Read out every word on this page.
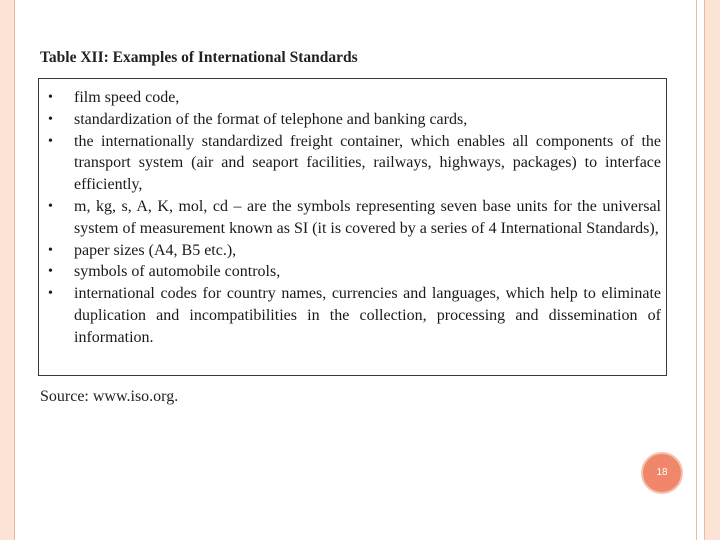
Table XII: Examples of International Standards
• film speed code,
• standardization of the format of telephone and banking cards,
• the internationally standardized freight container, which enables all components of the transport system (air and seaport facilities, railways, highways, packages) to interface efficiently,
• m, kg, s, A, K, mol, cd – are the symbols representing seven base units for the universal system of measurement known as SI (it is covered by a series of 4 International Standards),
• paper sizes (A4, B5 etc.),
• symbols of automobile controls,
• international codes for country names, currencies and languages, which help to eliminate duplication and incompatibilities in the collection, processing and dissemination of information.
Source: www.iso.org.
18
